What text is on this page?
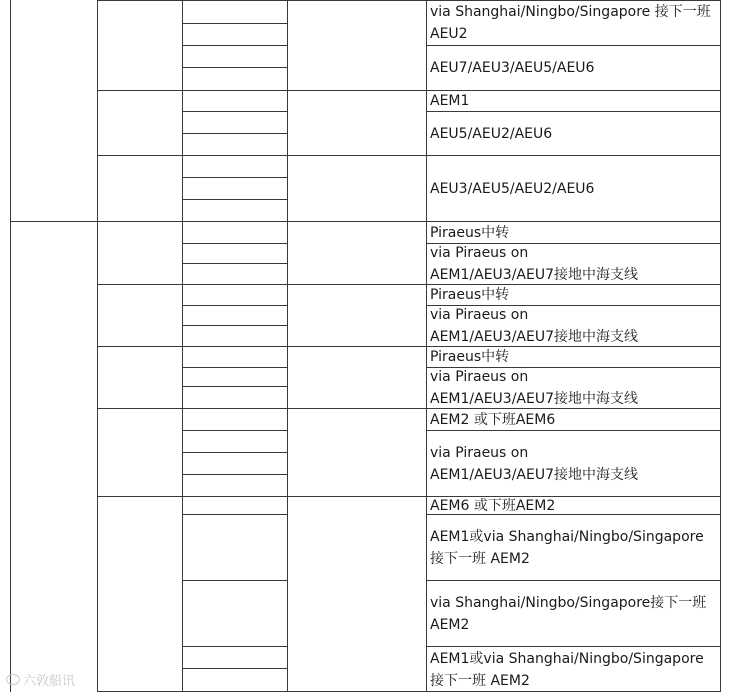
via Shanghai/Ningbo/Singapore 接下一班
AEU2
AEU7/AEU3/AEU5/AEU6
AEM1
AEU5/AEU2/AEU6
AEU3/AEU5/AEU2/AEU6
Piraeus中转
via Piraeus on
AEM1/AEU3/AEU7接地中海支线
Piraeus中转
via Piraeus on
AEM1/AEU3/AEU7接地中海支线
Piraeus中转
via Piraeus on
AEM1/AEU3/AEU7接地中海支线
AEM2 或下班AEM6
via Piraeus on
AEM1/AEU3/AEU7接地中海支线
AEM6 或下班AEM2
AEM1或via Shanghai/Ningbo/Singapore
接下一班 AEM2
via Shanghai/Ningbo/Singapore接下一班
AEM2
AEM1或via Shanghai/Ningbo/Singapore
接下一班 AEM2
六敦船讯
